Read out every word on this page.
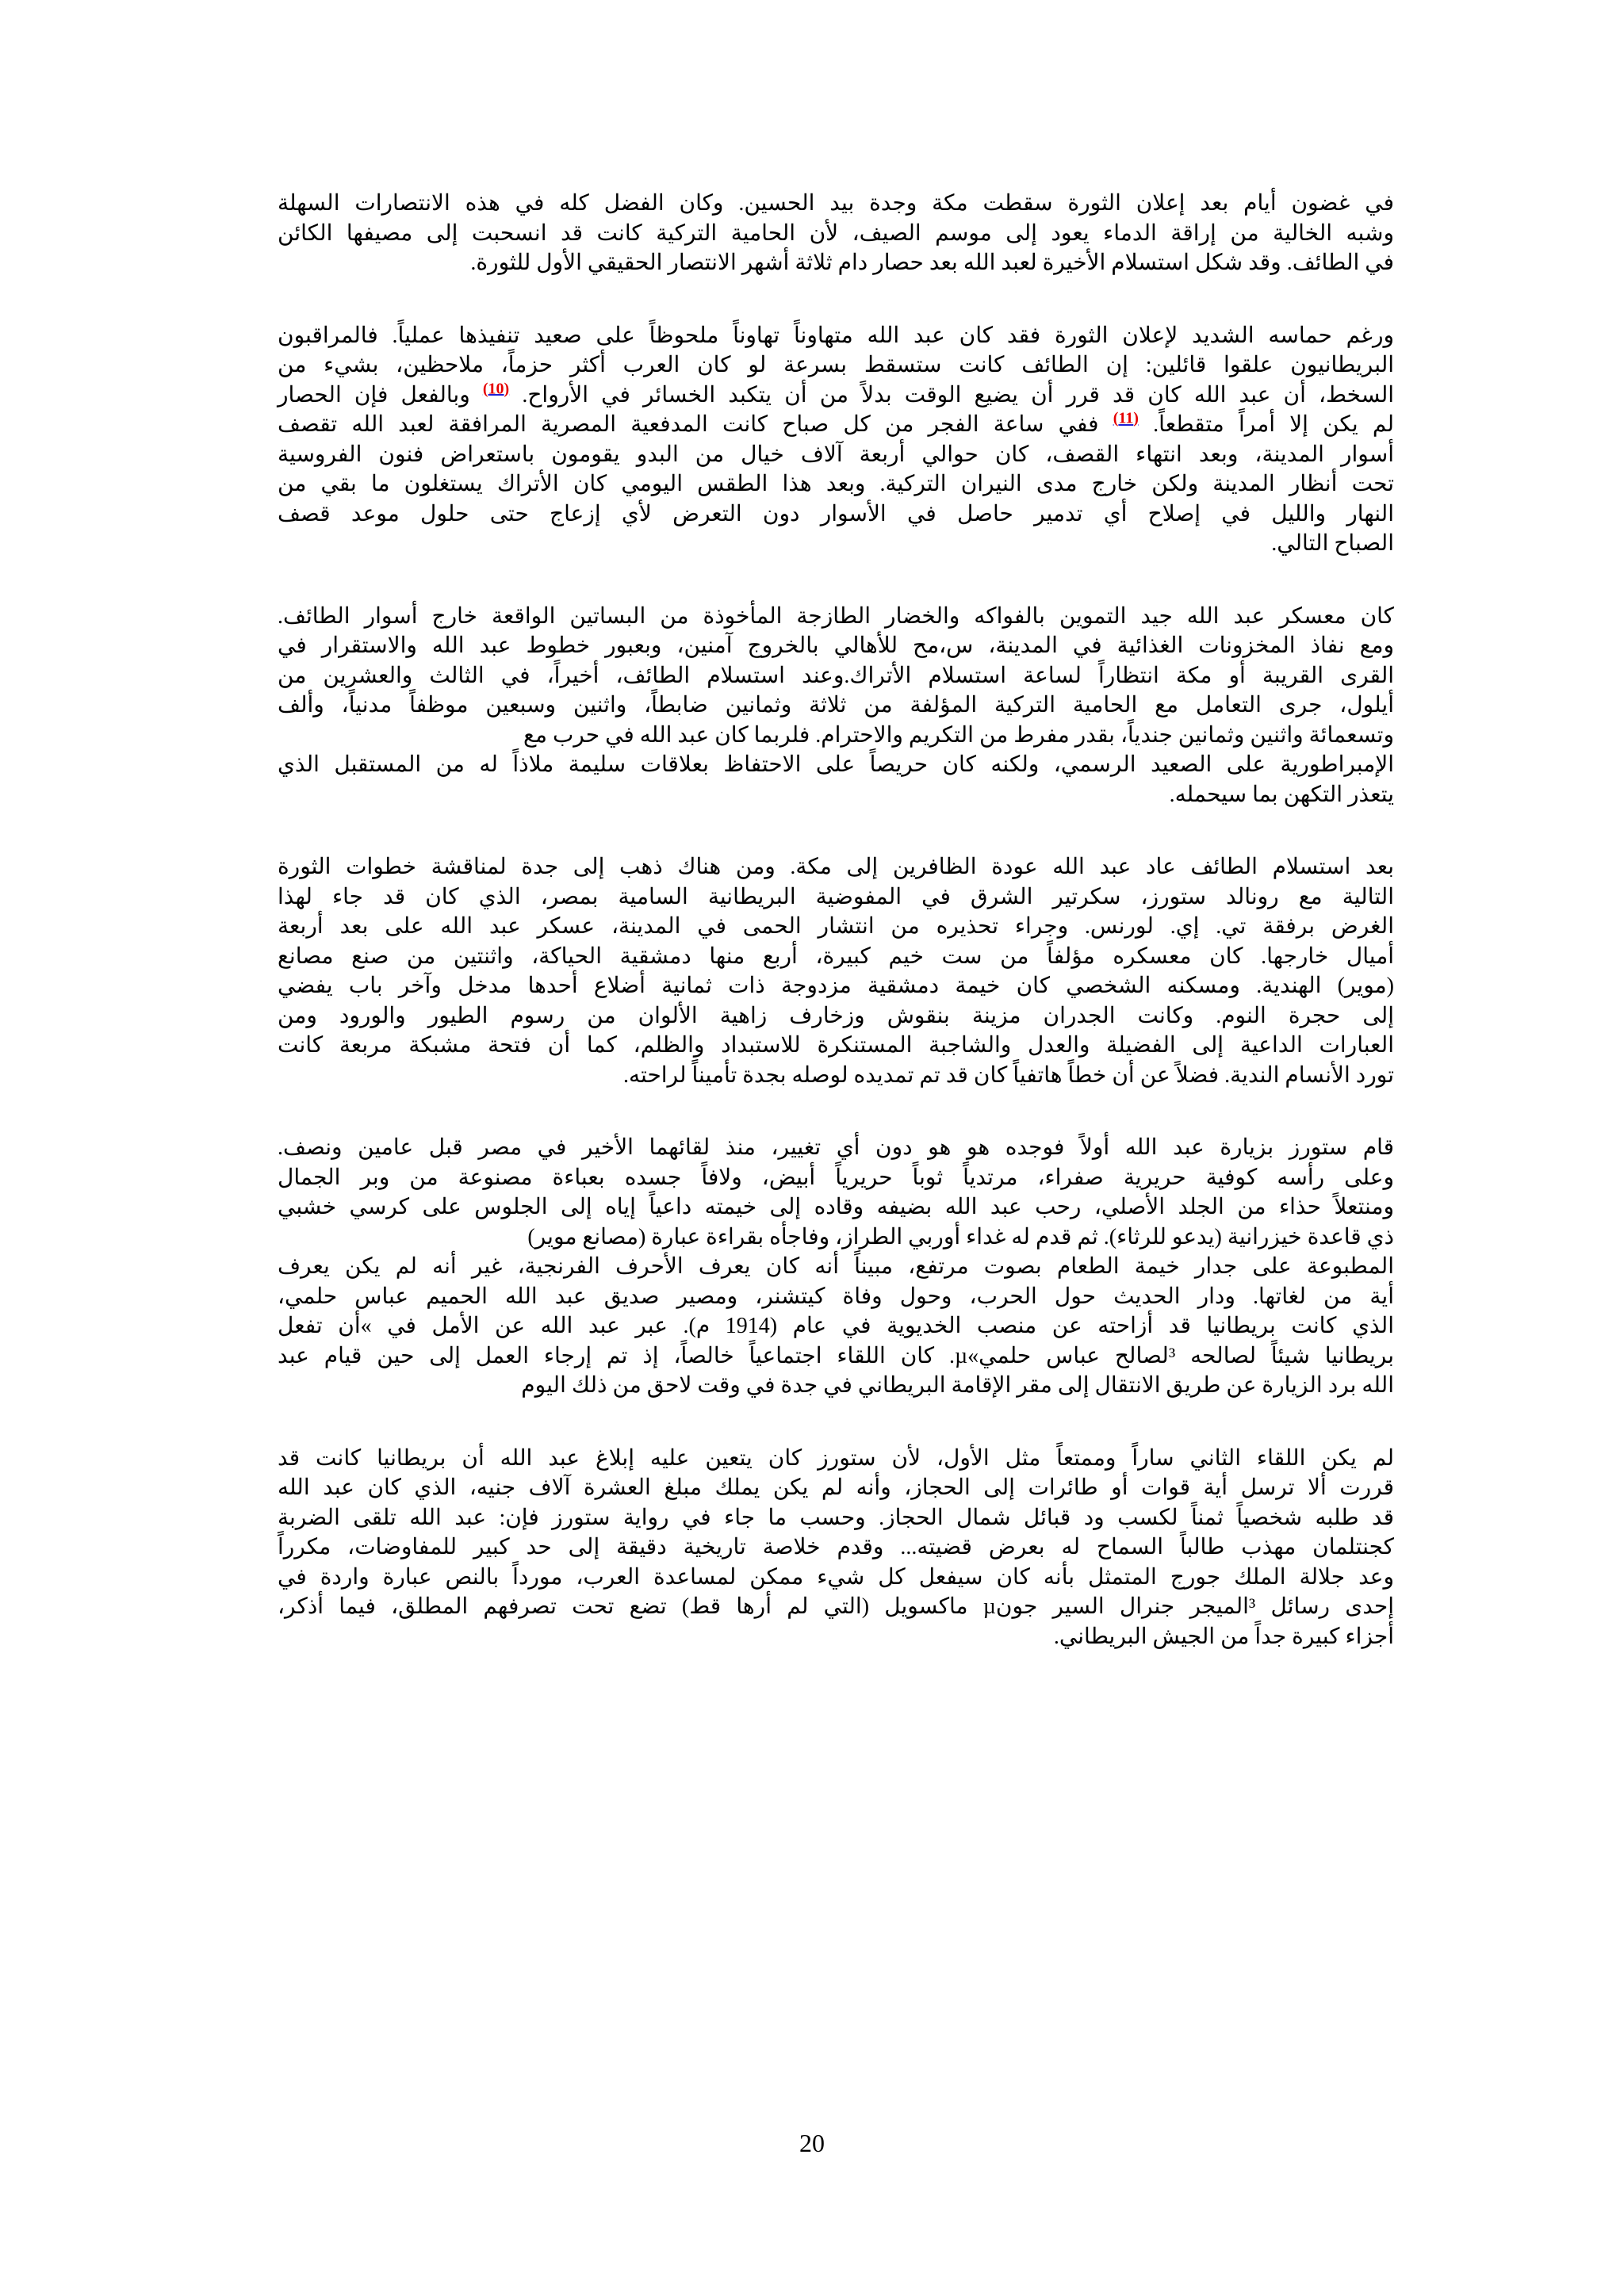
في غضون أيام بعد إعلان الثورة سقطت مكة وجدة بيد الحسين. وكان الفضل كله في هذه الانتصارات السهلة
وشبه الخالية من إراقة الدماء يعود إلى موسم الصيف، لأن الحامية التركية كانت قد انسحبت إلى مصيفها الكائن
في الطائف. وقد شكل استسلام الأخيرة لعبد الله بعد حصار دام ثلاثة أشهر الانتصار الحقيقي الأول للثورة.
ورغم حماسه الشديد لإعلان الثورة فقد كان عبد الله متهاوناً تهاوناً ملحوظاً على صعيد تنفيذها عملياً. فالمراقبون
البريطانيون علقوا قائلين: إن الطائف كانت ستسقط بسرعة لو كان العرب أكثر حزماً، ملاحظين، بشيء من
السخط، أن عبد الله كان قد قرر أن يضيع الوقت بدلاً من أن يتكبد الخسائر في الأرواح. $^{(10)}$ وبالفعل فإن الحصار
لم يكن إلا أمراً متقطعاً. $^{(11)}$ ففي ساعة الفجر من كل صباح كانت المدفعية المصرية المرافقة لعبد الله تقصف
أسوار المدينة، وبعد انتهاء القصف، كان حوالي أربعة آلاف خيال من البدو يقومون باستعراض فنون الفروسية
تحت أنظار المدينة ولكن خارج مدى النيران التركية. وبعد هذا الطقس اليومي كان الأتراك يستغلون ما بقي من
النهار والليل في إصلاح أي تدمير حاصل في الأسوار دون التعرض لأي إزعاج حتى حلول موعد قصف
الصباح التالي.
كان معسكر عبد الله جيد التموين بالفواكه والخضار الطازجة المأخوذة من البساتين الواقعة خارج أسوار الطائف.
ومع نفاذ المخزونات الغذائية في المدينة، س،مح للأهالي بالخروج آمنين، وبعبور خطوط عبد الله والاستقرار في
القرى القريبة أو مكة انتظاراً لساعة استسلام الأتراك.وعند استسلام الطائف، أخيراً، في الثالث والعشرين من
أيلول، جرى التعامل مع الحامية التركية المؤلفة من ثلاثة وثمانين ضابطاً، واثنين وسبعين موظفاً مدنياً، وألف
وتسعمائة واثنين وثمانين جندياً، بقدر مفرط من التكريم والاحترام. فلربما كان عبد الله في حرب مع
الإمبراطورية على الصعيد الرسمي، ولكنه كان حريصاً على الاحتفاظ بعلاقات سليمة ملاذاً له من المستقبل الذي
يتعذر التكهن بما سيحمله.
بعد استسلام الطائف عاد عبد الله عودة الظافرين إلى مكة. ومن هناك ذهب إلى جدة لمناقشة خطوات الثورة
التالية مع رونالد ستورز، سكرتير الشرق في المفوضية البريطانية السامية بمصر، الذي كان قد جاء لهذا
الغرض برفقة تي. إي. لورنس. وجراء تحذيره من انتشار الحمى في المدينة، عسكر عبد الله على بعد أربعة
أميال خارجها. كان معسكره مؤلفاً من ست خيم كبيرة، أربع منها دمشقية الحياكة، واثنتين من صنع مصانع
(موير) الهندية. ومسكنه الشخصي كان خيمة دمشقية مزدوجة ذات ثمانية أضلاع أحدها مدخل وآخر باب يفضي
إلى حجرة النوم. وكانت الجدران مزينة بنقوش وزخارف زاهية الألوان من رسوم الطيور والورود ومن
العبارات الداعية إلى الفضيلة والعدل والشاجبة المستنكرة للاستبداد والظلم، كما أن فتحة مشبكة مربعة كانت
تورد الأنسام الندية. فضلاً عن أن خطاً هاتفياً كان قد تم تمديده لوصله بجدة تأميناً لراحته.
قام ستورز بزيارة عبد الله أولاً فوجده هو هو دون أي تغيير، منذ لقائهما الأخير في مصر قبل عامين ونصف.
وعلى رأسه كوفية حريرية صفراء، مرتدياً ثوباً حريرياً أبيض، ولافاً جسده بعباءة مصنوعة من وبر الجمال
ومنتعلاً حذاء من الجلد الأصلي، رحب عبد الله بضيفه وقاده إلى خيمته داعياً إياه إلى الجلوس على كرسي خشبي
ذي قاعدة خيزرانية (يدعو للرثاء). ثم قدم له غداء أوربي الطراز، وفاجأه بقراءة عبارة (مصانع موير)
المطبوعة على جدار خيمة الطعام بصوت مرتفع، مبيناً أنه كان يعرف الأحرف الفرنجية، غير أنه لم يكن يعرف
أية من لغاتها. ودار الحديث حول الحرب، وحول وفاة كيتشنر، ومصير صديق عبد الله الحميم عباس حلمي،
الذي كانت بريطانيا قد أزاحته عن منصب الخديوية في عام (1914 م). عبر عبد الله عن الأمل في »أن تفعل
بريطانيا شيئاً لصالحه ³لصالح عباس حلمي»µ. كان اللقاء اجتماعياً خالصاً، إذ تم إرجاء العمل إلى حين قيام عبد
الله برد الزيارة عن طريق الانتقال إلى مقر الإقامة البريطاني في جدة في وقت لاحق من ذلك اليوم
لم يكن اللقاء الثاني ساراً وممتعاً مثل الأول، لأن ستورز كان يتعين عليه إبلاغ عبد الله أن بريطانيا كانت قد
قررت ألا ترسل أية قوات أو طائرات إلى الحجاز، وأنه لم يكن يملك مبلغ العشرة آلاف جنيه، الذي كان عبد الله
قد طلبه شخصياً ثمناً لكسب ود قبائل شمال الحجاز. وحسب ما جاء في رواية ستورز فإن: عبد الله تلقى الضربة
كجنتلمان مهذب طالباً السماح له بعرض قضيته... وقدم خلاصة تاريخية دقيقة إلى حد كبير للمفاوضات، مكرراً
وعد جلالة الملك جورج المتمثل بأنه كان سيفعل كل شيء ممكن لمساعدة العرب، مورداً بالنص عبارة واردة في
إحدى رسائل ³الميجر جنرال السير جونµ ماكسويل (التي لم أرها قط) تضع تحت تصرفهم المطلق، فيما أذكر،
أجزاء كبيرة جداً من الجيش البريطاني.
20
